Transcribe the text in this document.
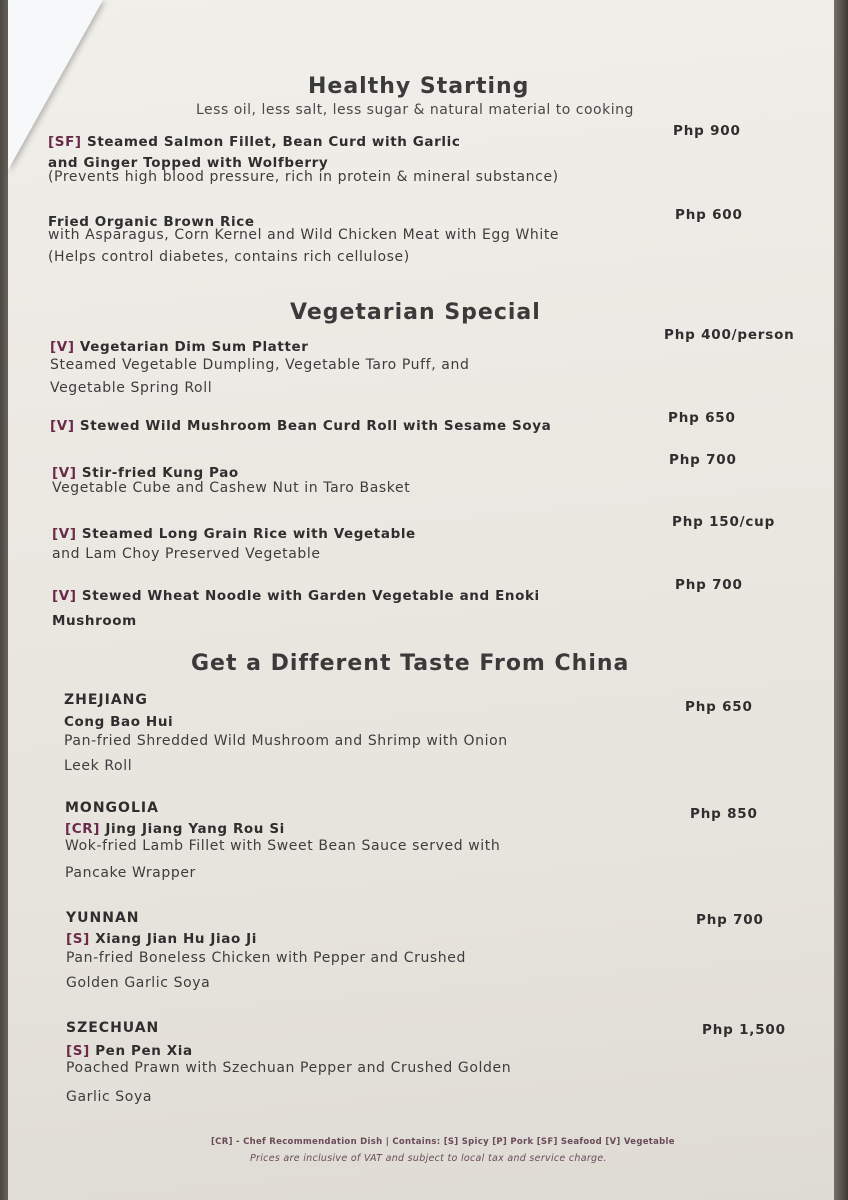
Healthy Starting
Less oil, less salt, less sugar & natural material to cooking
[SF] Steamed Salmon Fillet, Bean Curd with Garlic
and Ginger Topped with Wolfberry
(Prevents high blood pressure, rich in protein & mineral substance)
Php 900
Fried Organic Brown Rice
with Asparagus, Corn Kernel and Wild Chicken Meat with Egg White
(Helps control diabetes, contains rich cellulose)
Php 600
Vegetarian Special
[V] Vegetarian Dim Sum Platter
Steamed Vegetable Dumpling, Vegetable Taro Puff, and
Vegetable Spring Roll
Php 400/person
[V] Stewed Wild Mushroom Bean Curd Roll with Sesame Soya	Php 650
[V] Stir-fried Kung Pao
Vegetable Cube and Cashew Nut in Taro Basket
Php 700
[V] Steamed Long Grain Rice with Vegetable
and Lam Choy Preserved Vegetable
Php 150/cup
[V] Stewed Wheat Noodle with Garden Vegetable and Enoki
Mushroom
Php 700
Get a Different Taste From China
ZHEJIANG
Cong Bao Hui
Pan-fried Shredded Wild Mushroom and Shrimp with Onion
Leek Roll
Php 650
MONGOLIA
[CR] Jing Jiang Yang Rou Si
Wok-fried Lamb Fillet with Sweet Bean Sauce served with
Pancake Wrapper
Php 850
YUNNAN
[S] Xiang Jian Hu Jiao Ji
Pan-fried Boneless Chicken with Pepper and Crushed
Golden Garlic Soya
Php 700
SZECHUAN
[S] Pen Pen Xia
Poached Prawn with Szechuan Pepper and Crushed Golden
Garlic Soya
Php 1,500
[CR] - Chef Recommendation Dish | Contains: [S] Spicy [P] Pork [SF] Seafood [V] Vegetable
Prices are inclusive of VAT and subject to local tax and service charge.
